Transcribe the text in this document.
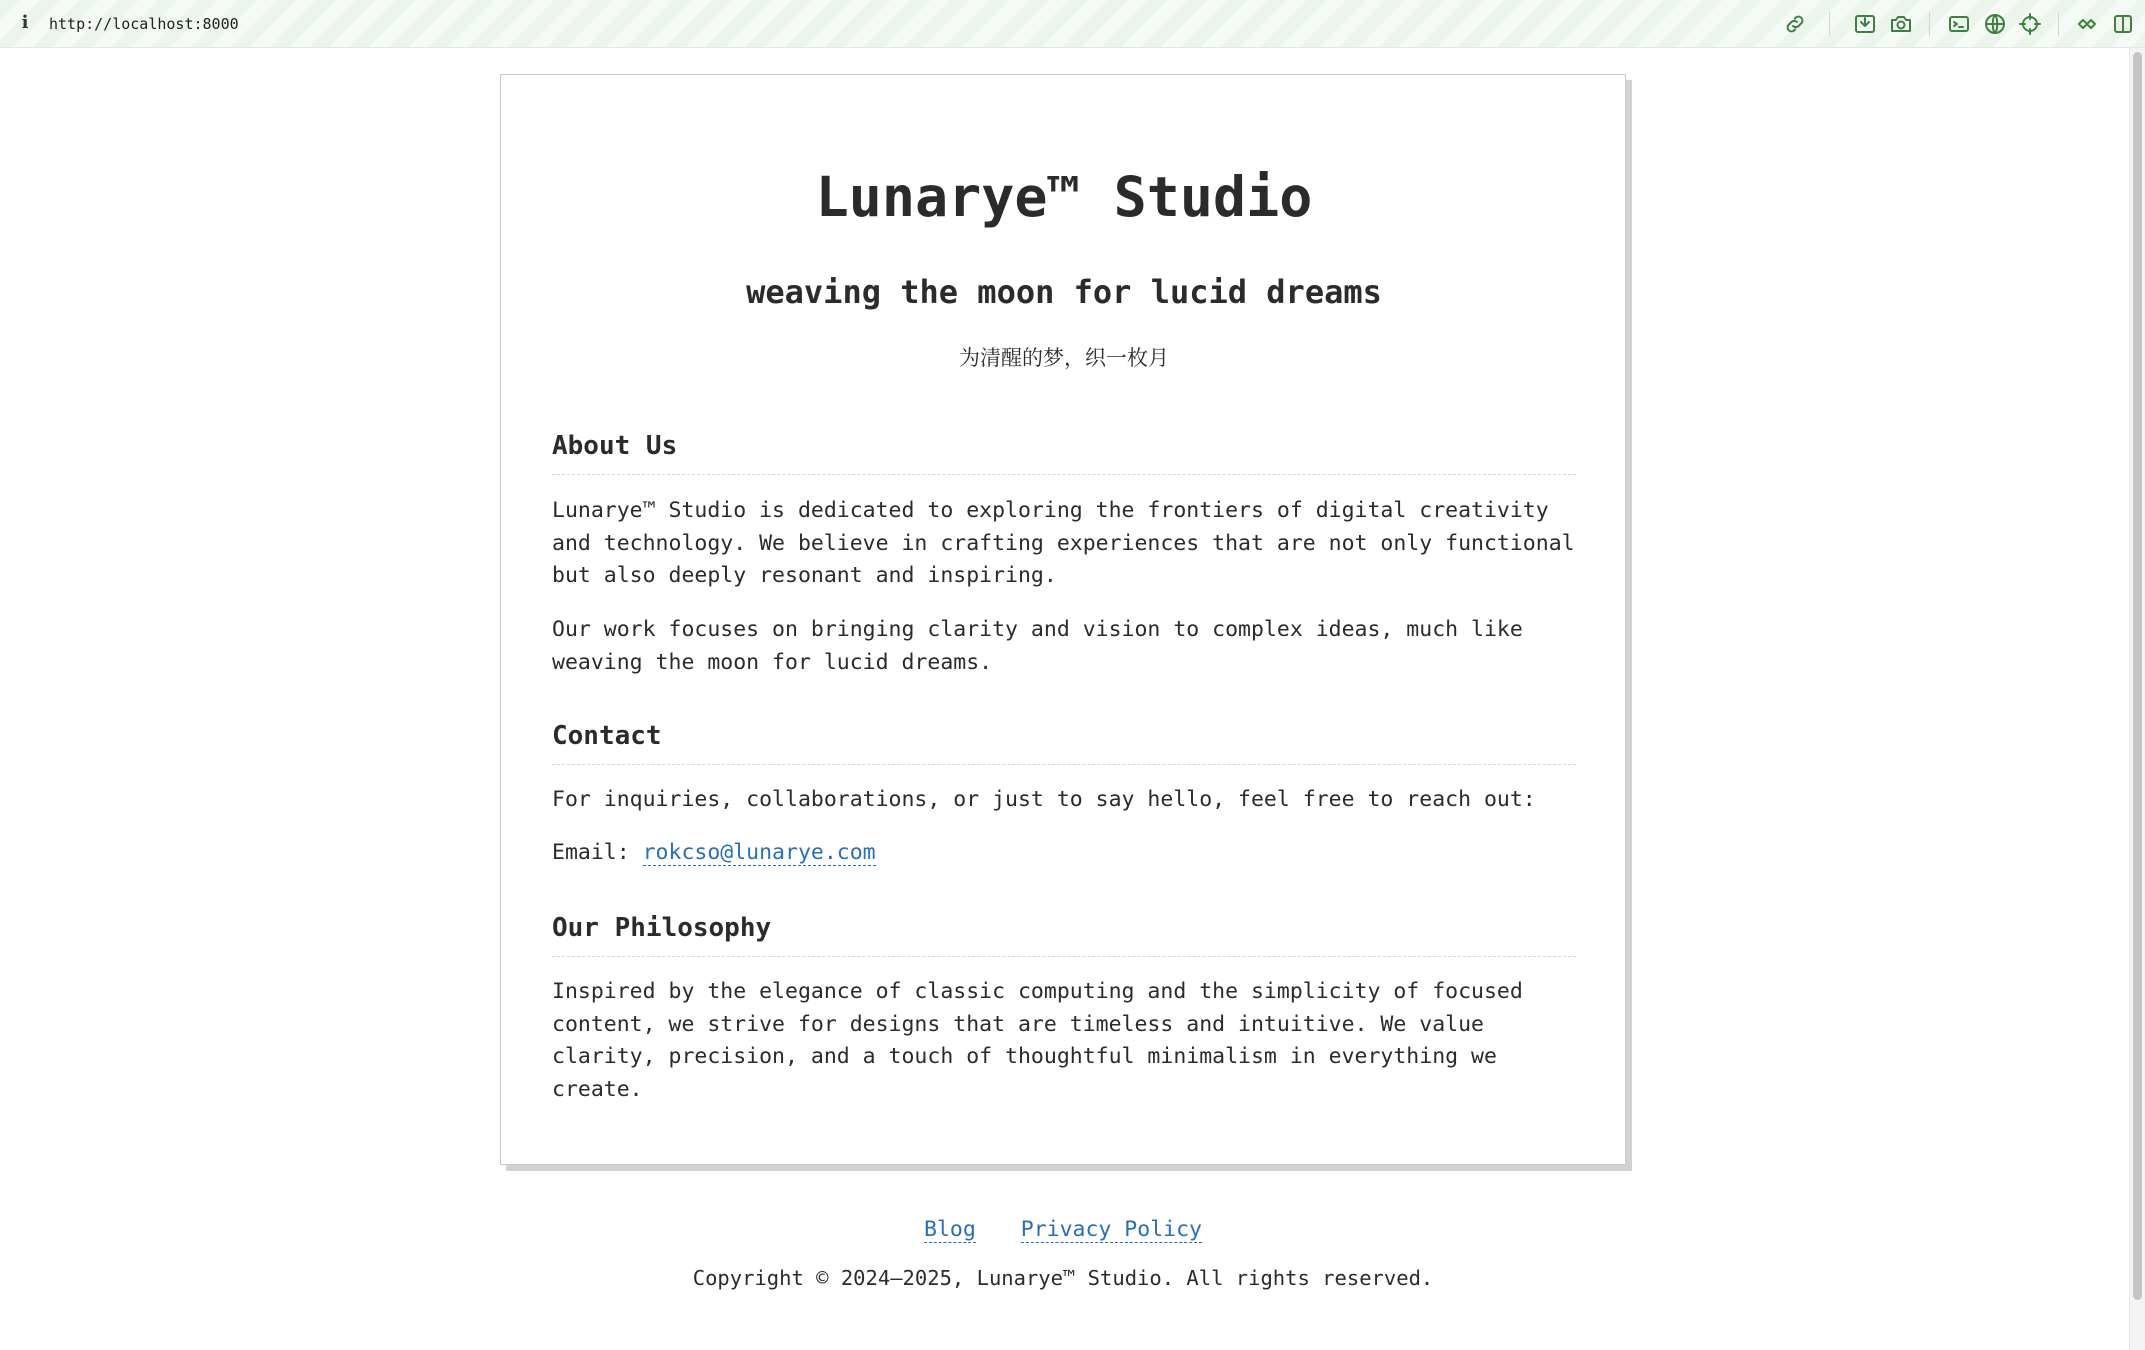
i http://localhost:8000
Lunarye™ Studio
weaving the moon for lucid dreams
为清醒的梦，织一枚月
About Us

Lunarye™ Studio is dedicated to exploring the frontiers of digital creativity and technology. We believe in crafting experiences that are not only functional but also deeply resonant and inspiring.

Our work focuses on bringing clarity and vision to complex ideas, much like weaving the moon for lucid dreams.

Contact

For inquiries, collaborations, or just to say hello, feel free to reach out:

Email: rokcso@lunarye.com

Our Philosophy

Inspired by the elegance of classic computing and the simplicity of focused content, we strive for designs that are timeless and intuitive. We value clarity, precision, and a touch of thoughtful minimalism in everything we create.

Blog Privacy Policy
Copyright © 2024–2025, Lunarye™ Studio. All rights reserved.
